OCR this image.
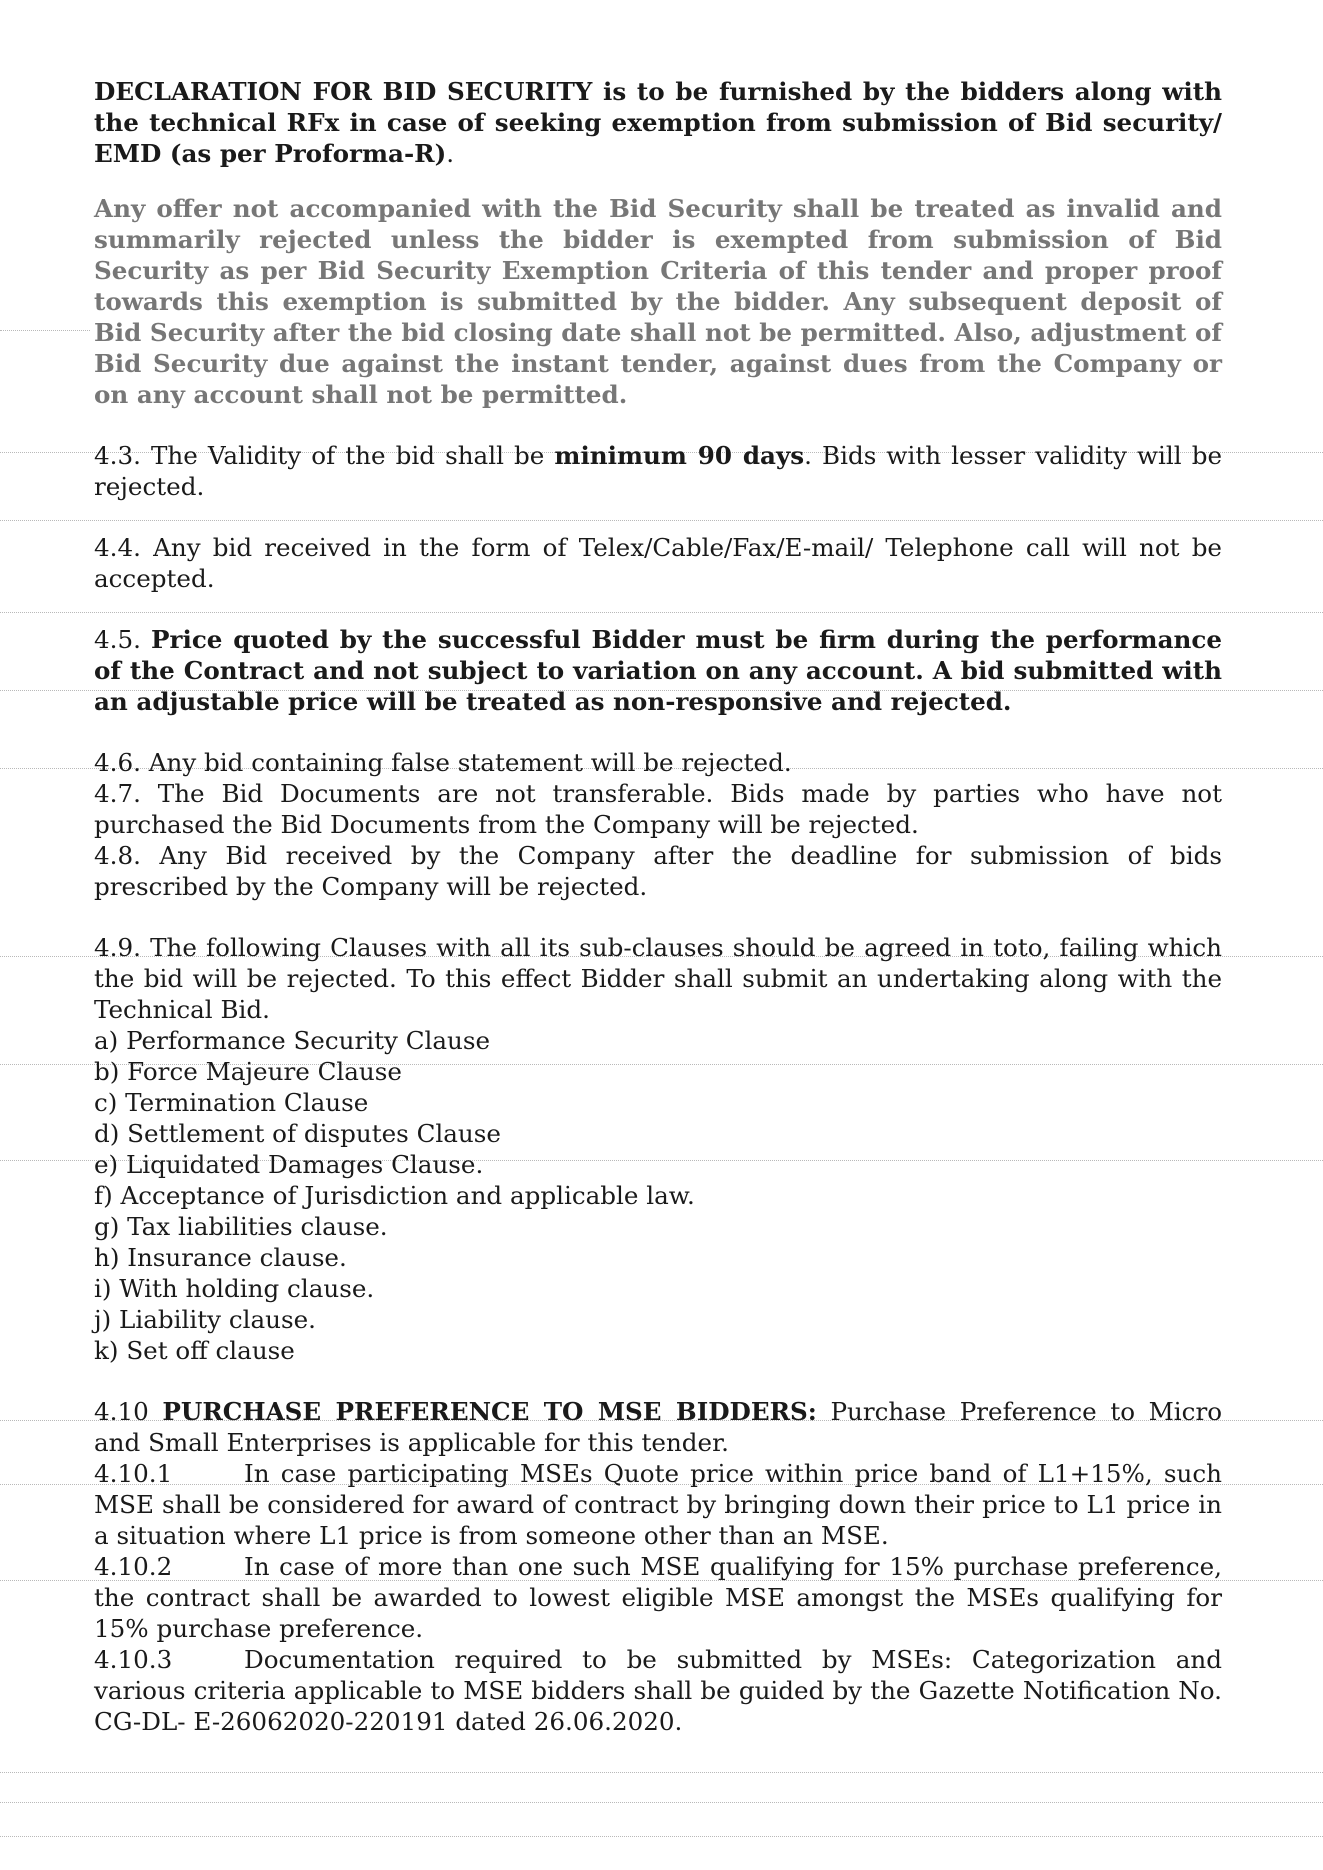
DECLARATION FOR BID SECURITY is to be furnished by the bidders along with the technical RFx in case of seeking exemption from submission of Bid security/ EMD (as per Proforma-R).

Any offer not accompanied with the Bid Security shall be treated as invalid and summarily rejected unless the bidder is exempted from submission of Bid Security as per Bid Security Exemption Criteria of this tender and proper proof towards this exemption is submitted by the bidder. Any subsequent deposit of Bid Security after the bid closing date shall not be permitted. Also, adjustment of Bid Security due against the instant tender, against dues from the Company or on any account shall not be permitted.

4.3. The Validity of the bid shall be minimum 90 days. Bids with lesser validity will be rejected.

4.4. Any bid received in the form of Telex/Cable/Fax/E-mail/ Telephone call will not be accepted.

4.5. Price quoted by the successful Bidder must be firm during the performance of the Contract and not subject to variation on any account. A bid submitted with an adjustable price will be treated as non-responsive and rejected.

4.6. Any bid containing false statement will be rejected.

4.7. The Bid Documents are not transferable. Bids made by parties who have not purchased the Bid Documents from the Company will be rejected.

4.8. Any Bid received by the Company after the deadline for submission of bids prescribed by the Company will be rejected.

4.9. The following Clauses with all its sub-clauses should be agreed in toto, failing which the bid will be rejected. To this effect Bidder shall submit an undertaking along with the Technical Bid.

a) Performance Security Clause
b) Force Majeure Clause
c) Termination Clause
d) Settlement of disputes Clause
e) Liquidated Damages Clause.
f) Acceptance of Jurisdiction and applicable law.
g) Tax liabilities clause.
h) Insurance clause.
i) With holding clause.
j) Liability clause.
k) Set off clause

4.10 PURCHASE PREFERENCE TO MSE BIDDERS: Purchase Preference to Micro and Small Enterprises is applicable for this tender.

4.10.1	In case participating MSEs Quote price within price band of L1+15%, such MSE shall be considered for award of contract by bringing down their price to L1 price in a situation where L1 price is from someone other than an MSE.

4.10.2	In case of more than one such MSE qualifying for 15% purchase preference, the contract shall be awarded to lowest eligible MSE amongst the MSEs qualifying for 15% purchase preference.

4.10.3	Documentation required to be submitted by MSEs: Categorization and various criteria applicable to MSE bidders shall be guided by the Gazette Notification No. CG-DL- E-26062020-220191 dated 26.06.2020.
